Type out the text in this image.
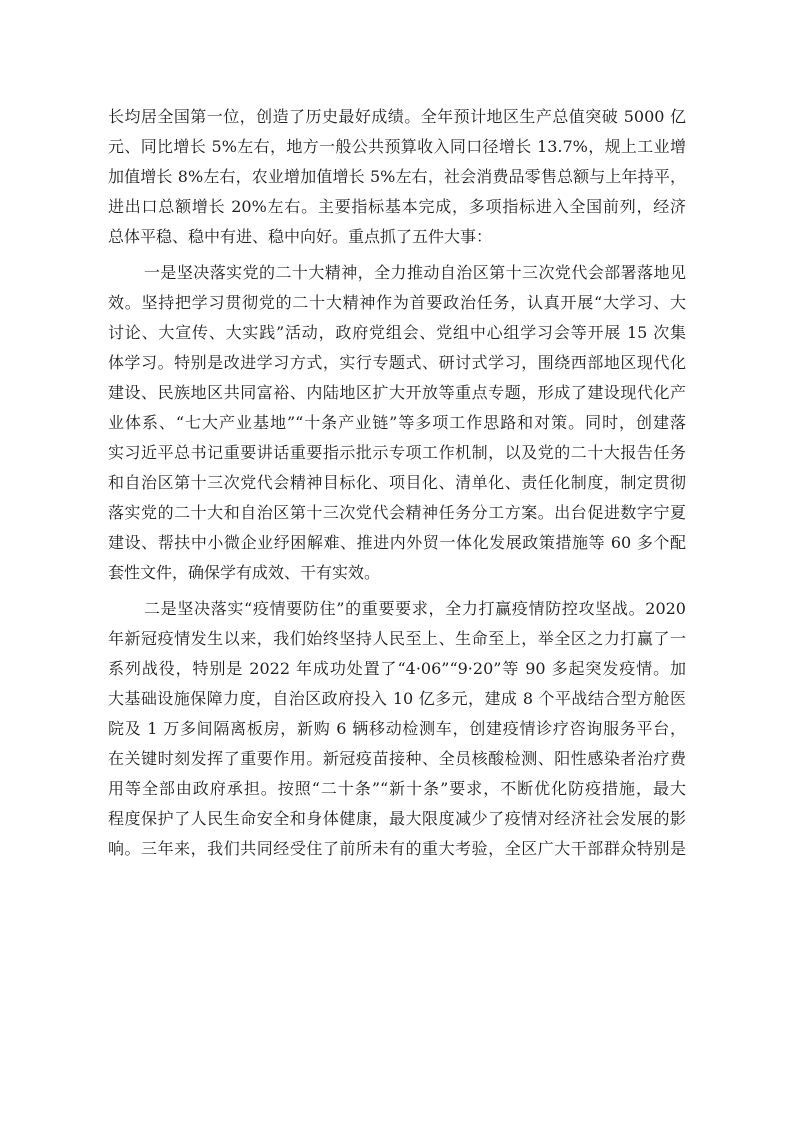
长均居全国第一位，创造了历史最好成绩。全年预计地区生产总值突破 5000 亿
元、同比增长 5%左右，地方一般公共预算收入同口径增长 13.7%，规上工业增
加值增长 8%左右，农业增加值增长 5%左右，社会消费品零售总额与上年持平，
进出口总额增长 20%左右。主要指标基本完成，多项指标进入全国前列，经济
总体平稳、稳中有进、稳中向好。重点抓了五件大事：
一是坚决落实党的二十大精神，全力推动自治区第十三次党代会部署落地见
效。坚持把学习贯彻党的二十大精神作为首要政治任务，认真开展“大学习、大
讨论、大宣传、大实践”活动，政府党组会、党组中心组学习会等开展 15 次集
体学习。特别是改进学习方式，实行专题式、研讨式学习，围绕西部地区现代化
建设、民族地区共同富裕、内陆地区扩大开放等重点专题，形成了建设现代化产
业体系、“七大产业基地”“十条产业链”等多项工作思路和对策。同时，创建落
实习近平总书记重要讲话重要指示批示专项工作机制，以及党的二十大报告任务
和自治区第十三次党代会精神目标化、项目化、清单化、责任化制度，制定贯彻
落实党的二十大和自治区第十三次党代会精神任务分工方案。出台促进数字宁夏
建设、帮扶中小微企业纾困解难、推进内外贸一体化发展政策措施等 60 多个配
套性文件，确保学有成效、干有实效。
二是坚决落实“疫情要防住”的重要要求，全力打赢疫情防控攻坚战。2020
年新冠疫情发生以来，我们始终坚持人民至上、生命至上，举全区之力打赢了一
系列战役，特别是 2022 年成功处置了“4·06”“9·20”等 90 多起突发疫情。加
大基础设施保障力度，自治区政府投入 10 亿多元，建成 8 个平战结合型方舱医
院及 1 万多间隔离板房，新购 6 辆移动检测车，创建疫情诊疗咨询服务平台，
在关键时刻发挥了重要作用。新冠疫苗接种、全员核酸检测、阳性感染者治疗费
用等全部由政府承担。按照“二十条”“新十条”要求，不断优化防疫措施，最大
程度保护了人民生命安全和身体健康，最大限度减少了疫情对经济社会发展的影
响。三年来，我们共同经受住了前所未有的重大考验，全区广大干部群众特别是
